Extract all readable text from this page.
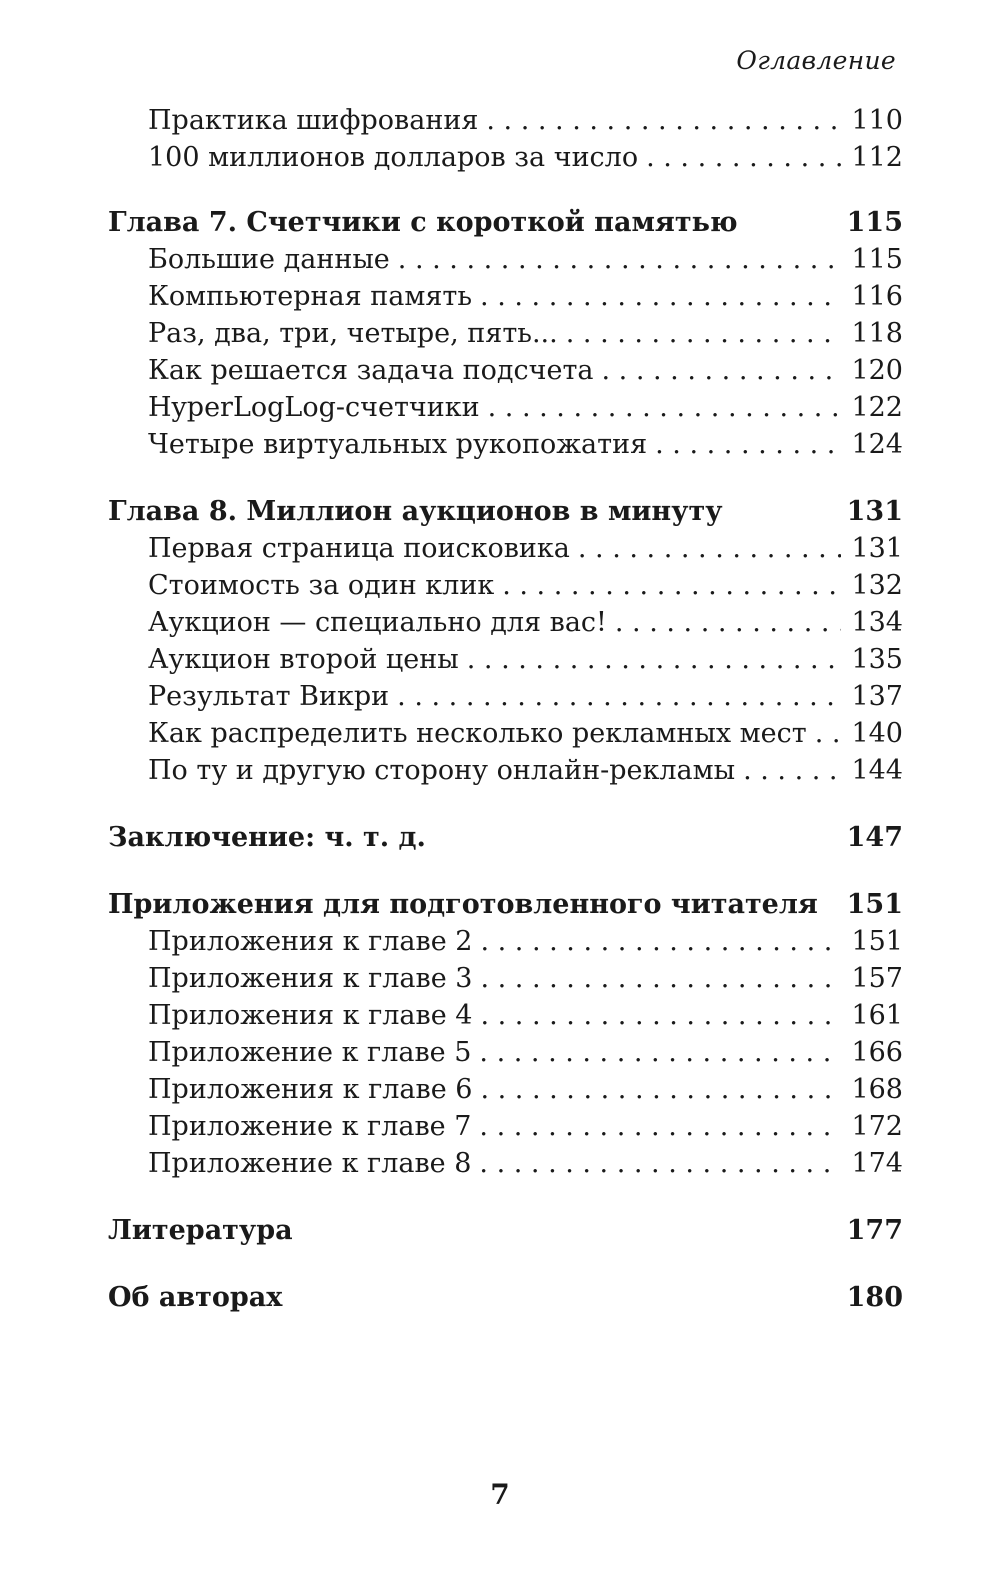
Оглавление
Практика шифрования . . .	110
100 миллионов долларов за число . . .	112
Глава 7. Счетчики с короткой памятью	115
Большие данные . . .	115
Компьютерная память . . .	116
Раз, два, три, четыре, пять... . . .	118
Как решается задача подсчета . . .	120
HyperLogLog-счетчики . . .	122
Четыре виртуальных рукопожатия . . .	124
Глава 8. Миллион аукционов в минуту	131
Первая страница поисковика . . .	131
Стоимость за один клик . . .	132
Аукцион — специально для вас! . . .	134
Аукцион второй цены . . .	135
Результат Викри . . .	137
Как распределить несколько рекламных мест . . . 140
По ту и другую сторону онлайн-рекламы . . .	144
Заключение: ч. т. д.	147
Приложения для подготовленного читателя 151
Приложения к главе 2 . . .	151
Приложения к главе 3 . . .	157
Приложения к главе 4 . . .	161
Приложение к главе 5 . . .	166
Приложения к главе 6 . . .	168
Приложение к главе 7 . . .	172
Приложение к главе 8 . . .	174
Литература	177
Об авторах	180
7
